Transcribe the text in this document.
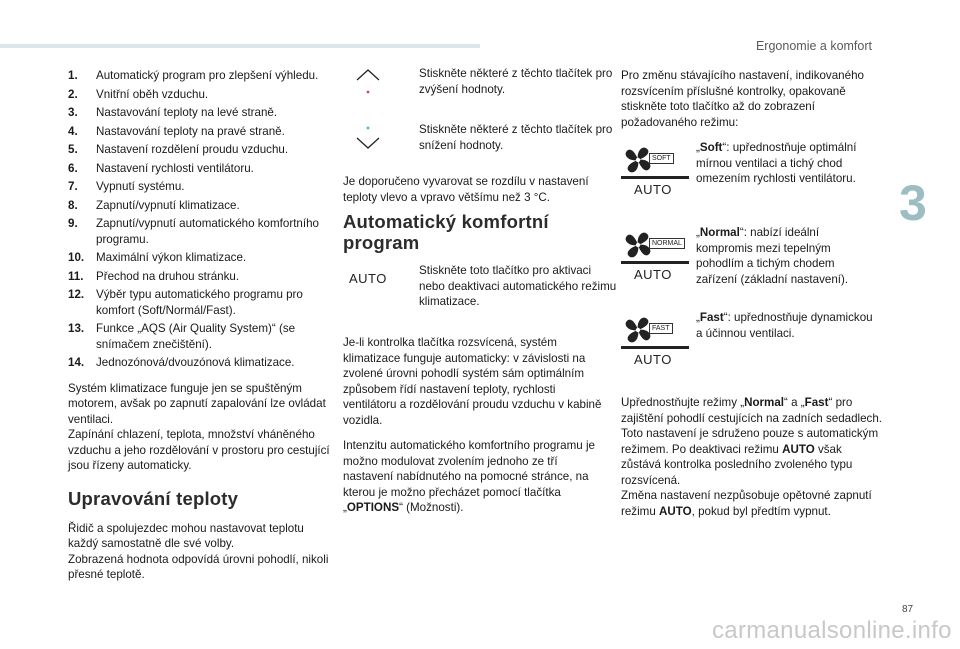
Ergonomie a komfort
3
87
carmanualsonline.info
1. Automatický program pro zlepšení výhledu.
2. Vnitřní oběh vzduchu.
3. Nastavování teploty na levé straně.
4. Nastavování teploty na pravé straně.
5. Nastavení rozdělení proudu vzduchu.
6. Nastavení rychlosti ventilátoru.
7. Vypnutí systému.
8. Zapnutí/vypnutí klimatizace.
9. Zapnutí/vypnutí automatického komfortního programu.
10. Maximální výkon klimatizace.
11. Přechod na druhou stránku.
12. Výběr typu automatického programu pro komfort (Soft/Normál/Fast).
13. Funkce „AQS (Air Quality System)“ (se snímačem znečištění).
14. Jednozónová/dvouzónová klimatizace.

Systém klimatizace funguje jen se spuštěným motorem, avšak po zapnutí zapalování lze ovládat ventilaci.
Zapínání chlazení, teplota, množství vháněného vzduchu a jeho rozdělování v prostoru pro cestující jsou řízeny automaticky.

Upravování teploty

Řidič a spolujezdec mohou nastavovat teplotu každý samostatně dle své volby.
Zobrazená hodnota odpovídá úrovni pohodlí, nikoli přesné teplotě.

Stiskněte některé z těchto tlačítek pro zvýšení hodnoty.
Stiskněte některé z těchto tlačítek pro snížení hodnoty.

Je doporučeno vyvarovat se rozdílu v nastavení teploty vlevo a vpravo většímu než 3 °C.

Automatický komfortní program
AUTO
Stiskněte toto tlačítko pro aktivaci nebo deaktivaci automatického režimu klimatizace.

Je-li kontrolka tlačítka rozsvícená, systém klimatizace funguje automaticky: v závislosti na zvolené úrovni pohodlí systém sám optimálním způsobem řídí nastavení teploty, rychlosti ventilátoru a rozdělování proudu vzduchu v kabině vozidla.

Intenzitu automatického komfortního programu je možno modulovat zvolením jednoho ze tří nastavení nabídnutého na pomocné stránce, na kterou je možno přecházet pomocí tlačítka „OPTIONS“ (Možnosti).

Pro změnu stávajícího nastavení, indikovaného rozsvícením příslušné kontrolky, opakovaně stiskněte toto tlačítko až do zobrazení požadovaného režimu:

SOFT
AUTO
„Soft“: upřednostňuje optimální mírnou ventilaci a tichý chod omezením rychlosti ventilátoru.
NORMAL
AUTO
„Normal“: nabízí ideální kompromis mezi tepelným pohodlím a tichým chodem zařízení (základní nastavení).
FAST
AUTO
„Fast“: upřednostňuje dynamickou a účinnou ventilaci.

Upřednostňujte režimy „Normal“ a „Fast“ pro zajištění pohodlí cestujících na zadních sedadlech.

Toto nastavení je sdruženo pouze s automatickým režimem. Po deaktivaci režimu AUTO však zůstává kontrolka posledního zvoleného typu rozsvícená.

Změna nastavení nezpůsobuje opětovné zapnutí režimu AUTO, pokud byl předtím vypnut.
